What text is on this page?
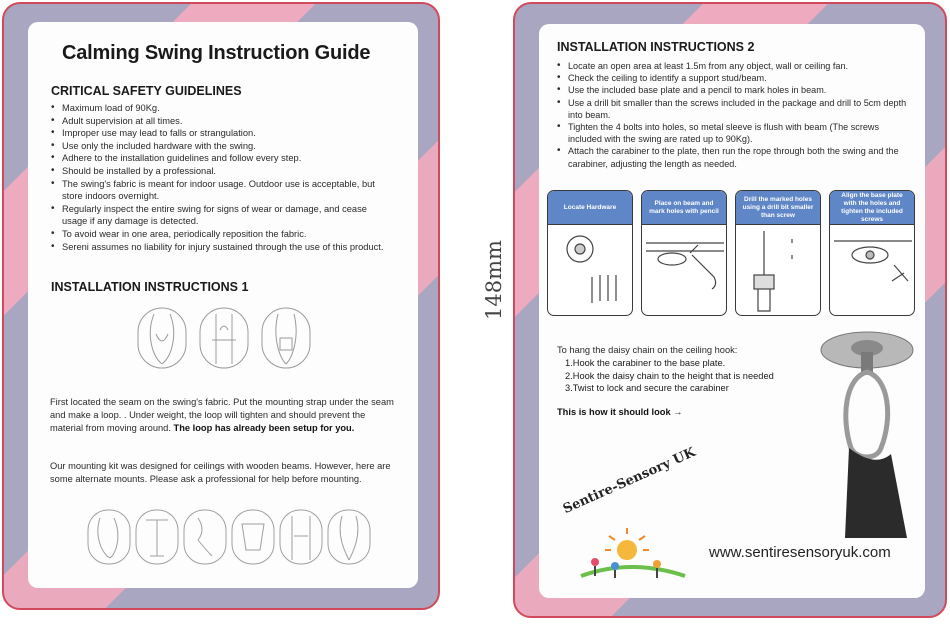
Calming Swing Instruction Guide
CRITICAL SAFETY GUIDELINES
• Maximum load of 90Kg.
• Adult supervision at all times.
• Improper use may lead to falls or strangulation.
• Use only the included hardware with the swing.
• Adhere to the installation guidelines and follow every step.
• Should be installed by a professional.
• The swing's fabric is meant for indoor usage. Outdoor use is acceptable, but store indoors overnight.
• Regularly inspect the entire swing for signs of wear or damage, and cease usage if any damage is detected.
• To avoid wear in one area, periodically reposition the fabric.
• Sereni assumes no liability for injury sustained through the use of this product.
INSTALLATION INSTRUCTIONS 1
First located the seam on the swing's fabric. Put the mounting strap under the seam and make a loop. . Under weight, the loop will tighten and should prevent the material from moving around. The loop has already been setup for you.
Our mounting kit was designed for ceilings with wooden beams. However, here are some alternate mounts. Please ask a professional for help before mounting.
148mm
INSTALLATION INSTRUCTIONS 2
• Locate an open area at least 1.5m from any object, wall or ceiling fan.
• Check the ceiling to identify a support stud/beam.
• Use the included base plate and a pencil to mark holes in beam.
• Use a drill bit smaller than the screws included in the package and drill to 5cm depth into beam.
• Tighten the 4 bolts into holes, so metal sleeve is flush with beam (The screws included with the swing are rated up to 90Kg).
• Attach the carabiner to the plate, then run the rope through both the swing and the carabiner, adjusting the length as needed.
Locate Hardware
Place on beam and mark holes with pencil
Drill the marked holes using a drill bit smaller than screw
Align the base plate with the holes and tighten the included screws
To hang the daisy chain on the ceiling hook:
1.Hook the carabiner to the base plate.
2.Hook the daisy chain to the height that is needed
3.Twist to lock and secure the carabiner
This is how it should look →
Sentire-Sensory UK
www.sentiresensoryuk.com
